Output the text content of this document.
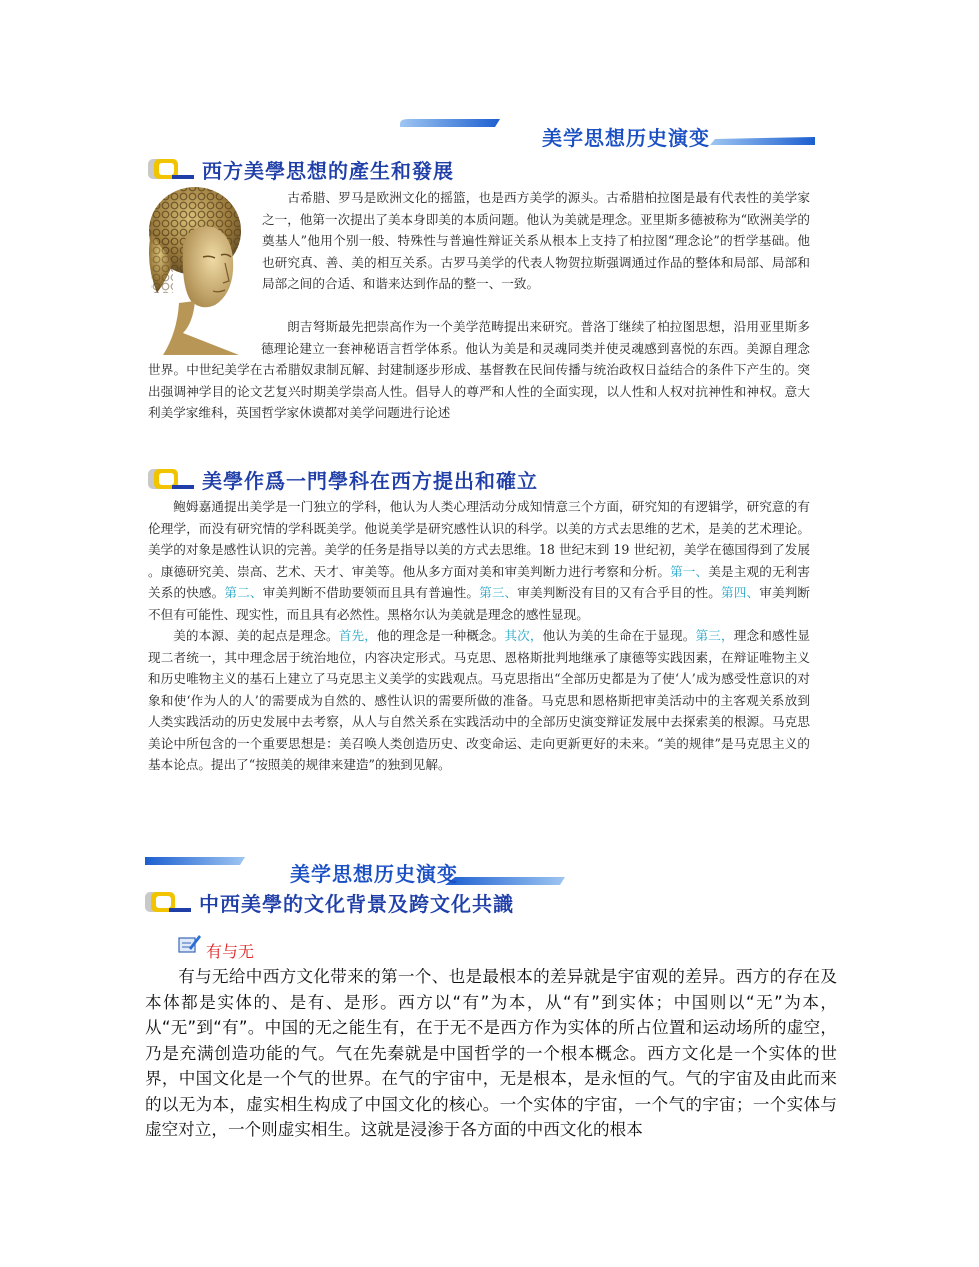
美学思想历史演变
西方美學思想的產生和發展

古希腊、罗马是欧洲文化的摇篮，也是西方美学的源头。古希腊柏拉图是最有代表性的美学家之一，他第一次提出了美本身即美的本质问题。他认为美就是理念。亚里斯多德被称为“欧洲美学的奠基人”他用个别一般、特殊性与普遍性辩证关系从根本上支持了柏拉图“理念论”的哲学基础。他也研究真、善、美的相互关系。古罗马美学的代表人物贺拉斯强调通过作品的整体和局部、局部和局部之间的合适、和谐来达到作品的整一、一致。

朗吉弩斯最先把崇高作为一个美学范畴提出来研究。普洛丁继续了柏拉图思想，沿用亚里斯多德理论建立一套神秘语言哲学体系。他认为美是和灵魂同类并使灵魂感到喜悦的东西。美源自理念世界。中世纪美学在古希腊奴隶制瓦解、封建制逐步形成、基督教在民间传播与统治政权日益结合的条件下产生的。突出强调神学目的论文艺复兴时期美学崇高人性。倡导人的尊严和人性的全面实现，以人性和人权对抗神性和神权。意大利美学家维科，英国哲学家休谟都对美学问题进行论述

美學作爲一門學科在西方提出和確立

鲍姆嘉通提出美学是一门独立的学科，他认为人类心理活动分成知情意三个方面，研究知的有逻辑学，研究意的有伦理学，而没有研究情的学科既美学。他说美学是研究感性认识的科学。以美的方式去思维的艺术，是美的艺术理论。美学的对象是感性认识的完善。美学的任务是指导以美的方式去思维。18 世纪末到 19 世纪初，美学在德国得到了发展 。康德研究美、崇高、艺术、天才、审美等。他从多方面对美和审美判断力进行考察和分析。第一、美是主观的无利害关系的快感。第二、审美判断不借助要领而且具有普遍性。第三、审美判断没有目的又有合乎目的性。第四、审美判断不但有可能性、现实性，而且具有必然性。黑格尔认为美就是理念的感性显现。

美的本源、美的起点是理念。首先，他的理念是一种概念。其次，他认为美的生命在于显现。第三，理念和感性显现二者统一，其中理念居于统治地位，内容决定形式。马克思、恩格斯批判地继承了康德等实践因素，在辩证唯物主义和历史唯物主义的基石上建立了马克思主义美学的实践观点。马克思指出“全部历史都是为了使‘人’成为感受性意识的对象和使‘作为人的人’的需要成为自然的、感性认识的需要所做的准备。马克思和恩格斯把审美活动中的主客观关系放到人类实践活动的历史发展中去考察，从人与自然关系在实践活动中的全部历史演变辩证发展中去探索美的根源。马克思美论中所包含的一个重要思想是：美召唤人类创造历史、改变命运、走向更新更好的未来。“美的规律”是马克思主义的基本论点。提出了“按照美的规律来建造”的独到见解。

美学思想历史演变
中西美學的文化背景及跨文化共識
有与无

有与无给中西方文化带来的第一个、也是最根本的差异就是宇宙观的差异。西方的存在及本体都是实体的、是有、是形。西方以“有”为本，从“有”到实体；中国则以“无”为本，从“无”到“有”。中国的无之能生有，在于无不是西方作为实体的所占位置和运动场所的虚空，乃是充满创造功能的气。气在先秦就是中国哲学的一个根本概念。西方文化是一个实体的世界，中国文化是一个气的世界。在气的宇宙中，无是根本，是永恒的气。气的宇宙及由此而来的以无为本，虚实相生构成了中国文化的核心。一个实体的宇宙，一个气的宇宙；一个实体与虚空对立，一个则虚实相生。这就是浸渗于各方面的中西文化的根本
